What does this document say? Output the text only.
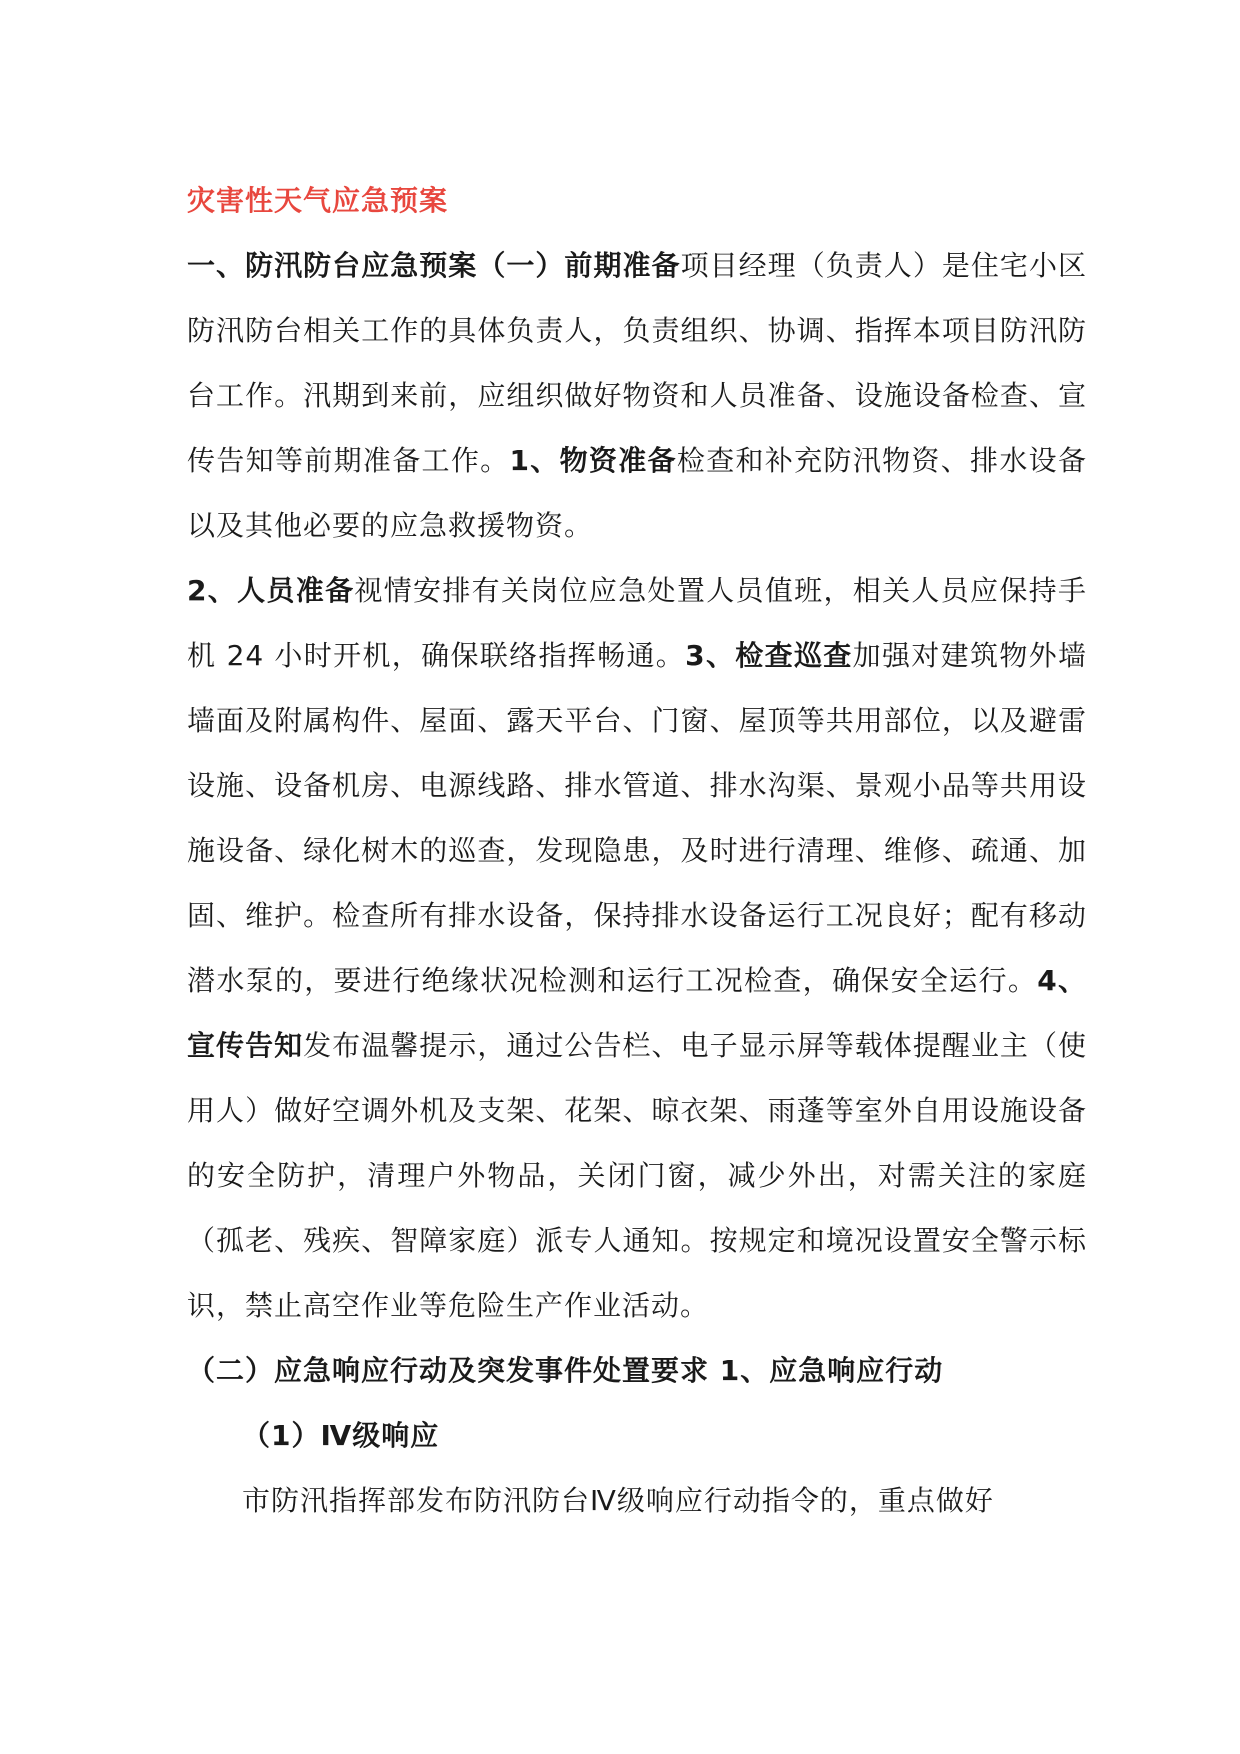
灾害性天气应急预案

一、防汛防台应急预案（一）前期准备项目经理（负责人）是住宅小区防汛防台相关工作的具体负责人，负责组织、协调、指挥本项目防汛防台工作。汛期到来前，应组织做好物资和人员准备、设施设备检查、宣传告知等前期准备工作。1、物资准备检查和补充防汛物资、排水设备以及其他必要的应急救援物资。

2、人员准备视情安排有关岗位应急处置人员值班，相关人员应保持手机 24 小时开机，确保联络指挥畅通。3、检查巡查加强对建筑物外墙墙面及附属构件、屋面、露天平台、门窗、屋顶等共用部位，以及避雷设施、设备机房、电源线路、排水管道、排水沟渠、景观小品等共用设施设备、绿化树木的巡查，发现隐患，及时进行清理、维修、疏通、加固、维护。检查所有排水设备，保持排水设备运行工况良好；配有移动潜水泵的，要进行绝缘状况检测和运行工况检查，确保安全运行。4、宣传告知发布温馨提示，通过公告栏、电子显示屏等载体提醒业主（使用人）做好空调外机及支架、花架、晾衣架、雨蓬等室外自用设施设备的安全防护，清理户外物品，关闭门窗，减少外出，对需关注的家庭（孤老、残疾、智障家庭）派专人通知。按规定和境况设置安全警示标识，禁止高空作业等危险生产作业活动。

（二）应急响应行动及突发事件处置要求 1、应急响应行动

（1）Ⅳ级响应

市防汛指挥部发布防汛防台Ⅳ级响应行动指令的，重点做好
